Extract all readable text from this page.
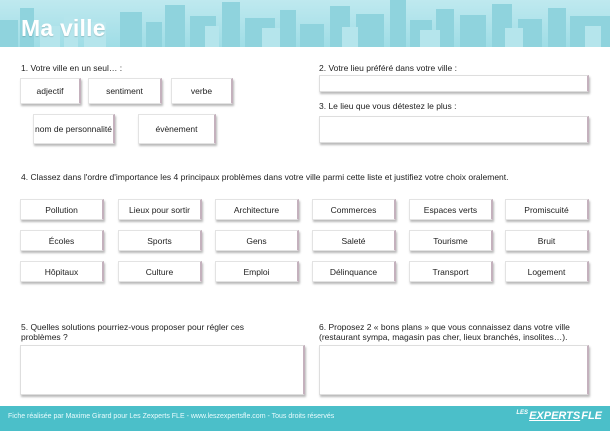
Ma ville

1. Votre ville en un seul… :

adjectif	sentiment	verbe
nom de personnalité	évènement

2. Votre lieu préféré dans votre ville :

3. Le lieu que vous détestez le plus :

4. Classez dans l'ordre d'importance les 4 principaux problèmes dans votre ville parmi cette liste et justifiez votre choix oralement.

Pollution	Lieux pour sortir	Architecture	Commerces	Espaces verts	Promiscuité
Écoles	Sports	Gens	Saleté	Tourisme	Bruit
Hôpitaux	Culture	Emploi	Délinquance	Transport	Logement

5. Quelles solutions pourriez-vous proposer pour régler ces problèmes ?

6. Proposez 2 « bons plans » que vous connaissez dans votre ville (restaurant sympa, magasin pas cher, lieux branchés, insolites…).

Fiche réalisée par Maxime Girard pour Les Zexperts FLE - www.leszexpertsfle.com - Tous droits réservés	$^{LES}$EXPERTSFLE
